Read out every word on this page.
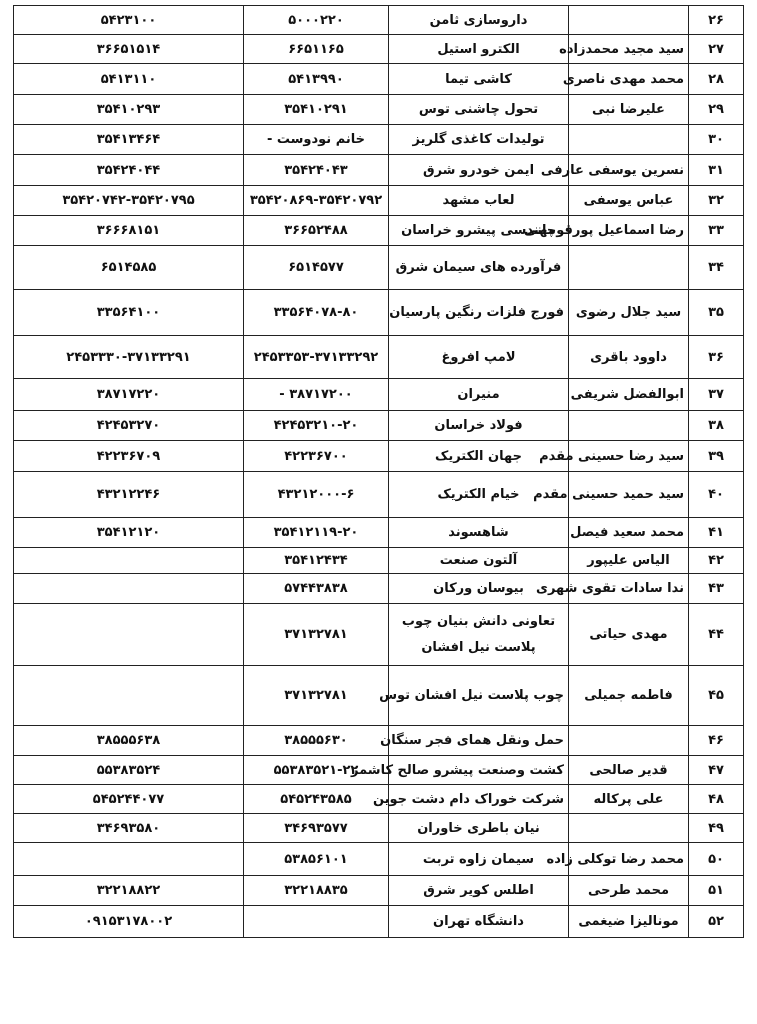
۲۶		داروسازی ثامن	۵۰۰۰۲۲۰	۵۴۲۳۱۰۰
۲۷	سید مجید محمدزاده	الکترو استیل	۶۶۵۱۱۶۵	۳۶۶۵۱۵۱۴
۲۸	محمد مهدی ناصری	کاشی تیما	۵۴۱۳۹۹۰	۵۴۱۳۱۱۰
۲۹	علیرضا نبی	تحول چاشنی توس	۳۵۴۱۰۲۹۱	۳۵۴۱۰۲۹۳
۳۰		تولیدات کاغذی گلریز	خانم نودوست -	۳۵۴۱۳۴۶۴
۳۱	نسرین یوسفی عارفی	ایمن خودرو شرق	۳۵۴۲۴۰۴۳	۳۵۴۲۴۰۴۴
۳۲	عباس یوسفی	لعاب مشهد	۳۵۴۲۰۸۶۹-۳۵۴۲۰۷۹۲	۳۵۴۲۰۷۴۲-۳۵۴۲۰۷۹۵
۳۳	رضا اسماعیل پورقوچانی	مهندسی پیشرو خراسان	۳۶۶۵۲۴۸۸	۳۶۶۶۸۱۵۱
۳۴		فرآورده های سیمان شرق	۶۵۱۴۵۷۷	۶۵۱۴۵۸۵
۳۵	سید جلال رضوی	فورج فلزات رنگین پارسیان	۳۳۵۶۴۰۷۸-۸۰	۳۳۵۶۴۱۰۰
۳۶	داوود باقری	لامپ افروغ	۲۴۵۳۳۵۳-۳۷۱۳۳۲۹۲	۲۴۵۳۳۳۰-۳۷۱۳۳۲۹۱
۳۷	ابوالفضل شریفی	منیران	۳۸۷۱۷۲۰۰ -	۳۸۷۱۷۲۲۰
۳۸		فولاد خراسان	۴۲۴۵۳۲۱۰-۲۰	۴۲۴۵۳۲۷۰
۳۹	سید رضا حسینی مقدم	جهان الکتریک	۴۲۲۳۶۷۰۰	۴۲۲۳۶۷۰۹
۴۰	سید حمید حسینی مقدم	خیام الکتریک	۴۳۲۱۲۰۰۰-۶	۴۳۲۱۲۲۴۶
۴۱	محمد سعید فیصل	شاهسوند	۳۵۴۱۲۱۱۹-۲۰	۳۵۴۱۲۱۲۰
۴۲	الیاس علیپور	آلتون صنعت	۳۵۴۱۲۴۳۴	
۴۳	ندا سادات تقوی شهری	بیوسان ورکان	۵۷۴۴۳۸۳۸	
۴۴	مهدی حیاتی	تعاونی دانش بنیان چوب پلاست نیل افشان	۳۷۱۳۲۷۸۱	
۴۵	فاطمه جمیلی	چوب پلاست نیل افشان توس	۳۷۱۳۲۷۸۱	
۴۶		حمل ونقل همای فجر سنگان	۳۸۵۵۵۶۳۰	۳۸۵۵۵۶۳۸
۴۷	قدیر صالحی	کشت وصنعت پیشرو صالح کاشمر	۵۵۳۸۳۵۲۱-۲۲	۵۵۳۸۳۵۲۴
۴۸	علی پرکاله	شرکت خوراک دام دشت جوین	۵۴۵۲۴۳۵۸۵	۵۴۵۲۴۴۰۷۷
۴۹		نیان باطری خاوران	۳۴۶۹۳۵۷۷	۳۴۶۹۳۵۸۰
۵۰	محمد رضا توکلی زاده	سیمان زاوه تربت	۵۳۸۵۶۱۰۱	
۵۱	محمد طرحی	اطلس کویر شرق	۳۲۲۱۸۸۳۵	۳۲۲۱۸۸۲۲
۵۲	مونالیزا ضیغمی	دانشگاه تهران		۰۹۱۵۳۱۷۸۰۰۲
